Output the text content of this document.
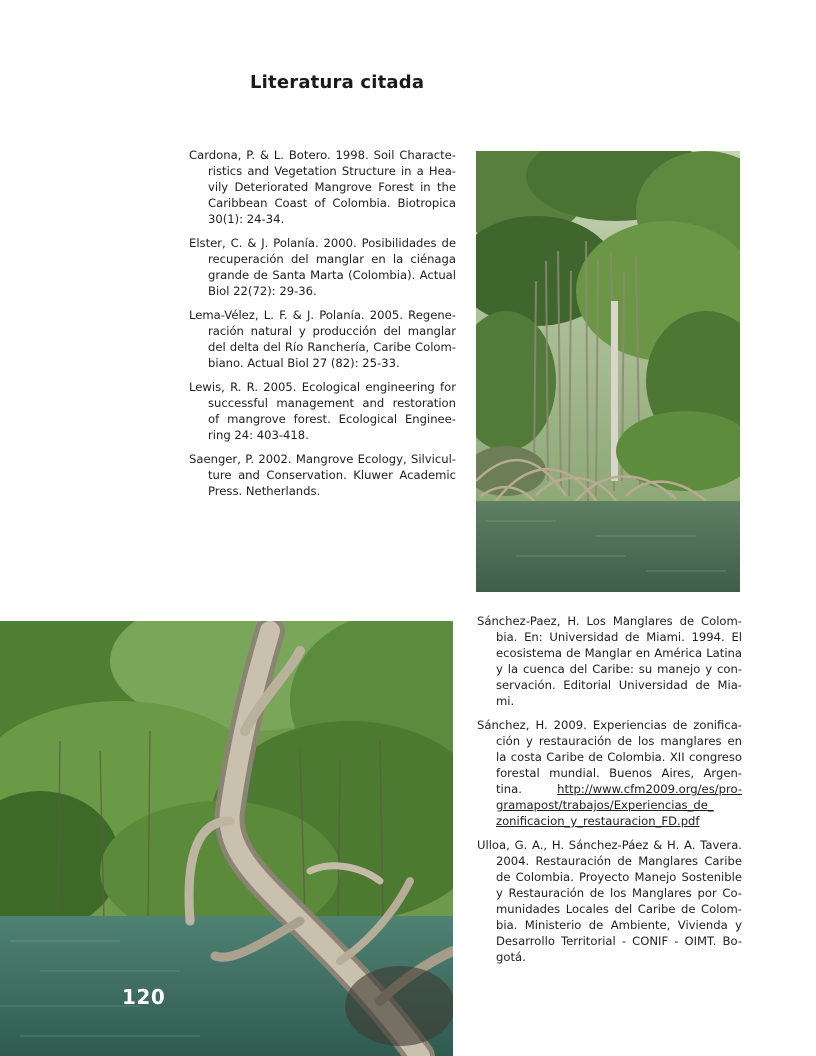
Literatura citada

Cardona, P. & L. Botero. 1998. Soil Characte-ristics and Vegetation Structure in a Hea-vily Deteriorated Mangrove Forest in the Caribbean Coast of Colombia. Biotropica 30(1): 24-34.

Elster, C. & J. Polanía. 2000. Posibilidades de recuperación del manglar en la ciénaga grande de Santa Marta (Colombia). Actual Biol 22(72): 29-36.

Lema-Vélez, L. F. & J. Polanía. 2005. Regene-ración natural y producción del manglar del delta del Río Ranchería, Caribe Colom-biano. Actual Biol 27 (82): 25-33.

Lewis, R. R. 2005. Ecological engineering for successful management and restoration of mangrove forest. Ecological Enginee-ring 24: 403-418.

Saenger, P. 2002. Mangrove Ecology, Silvicul-ture and Conservation. Kluwer Academic Press. Netherlands.

Sánchez-Paez, H. Los Manglares de Colom-bia. En: Universidad de Miami. 1994. El ecosistema de Manglar en América Latina y la cuenca del Caribe: su manejo y con-servación. Editorial Universidad de Mia-mi.

Sánchez, H. 2009. Experiencias de zonifica-ción y restauración de los manglares en la costa Caribe de Colombia. XII congreso forestal mundial. Buenos Aires, Argen-tina.	http://www.cfm2009.org/es/pro-gramapost/trabajos/Experiencias_de_ zonificacion_y_restauracion_FD.pdf

Ulloa, G. A., H. Sánchez-Páez & H. A. Tavera. 2004. Restauración de Manglares Caribe de Colombia. Proyecto Manejo Sostenible y Restauración de los Manglares por Co-munidades Locales del Caribe de Colom-bia. Ministerio de Ambiente, Vivienda y Desarrollo Territorial - CONIF - OIMT. Bo-gotá.

120
